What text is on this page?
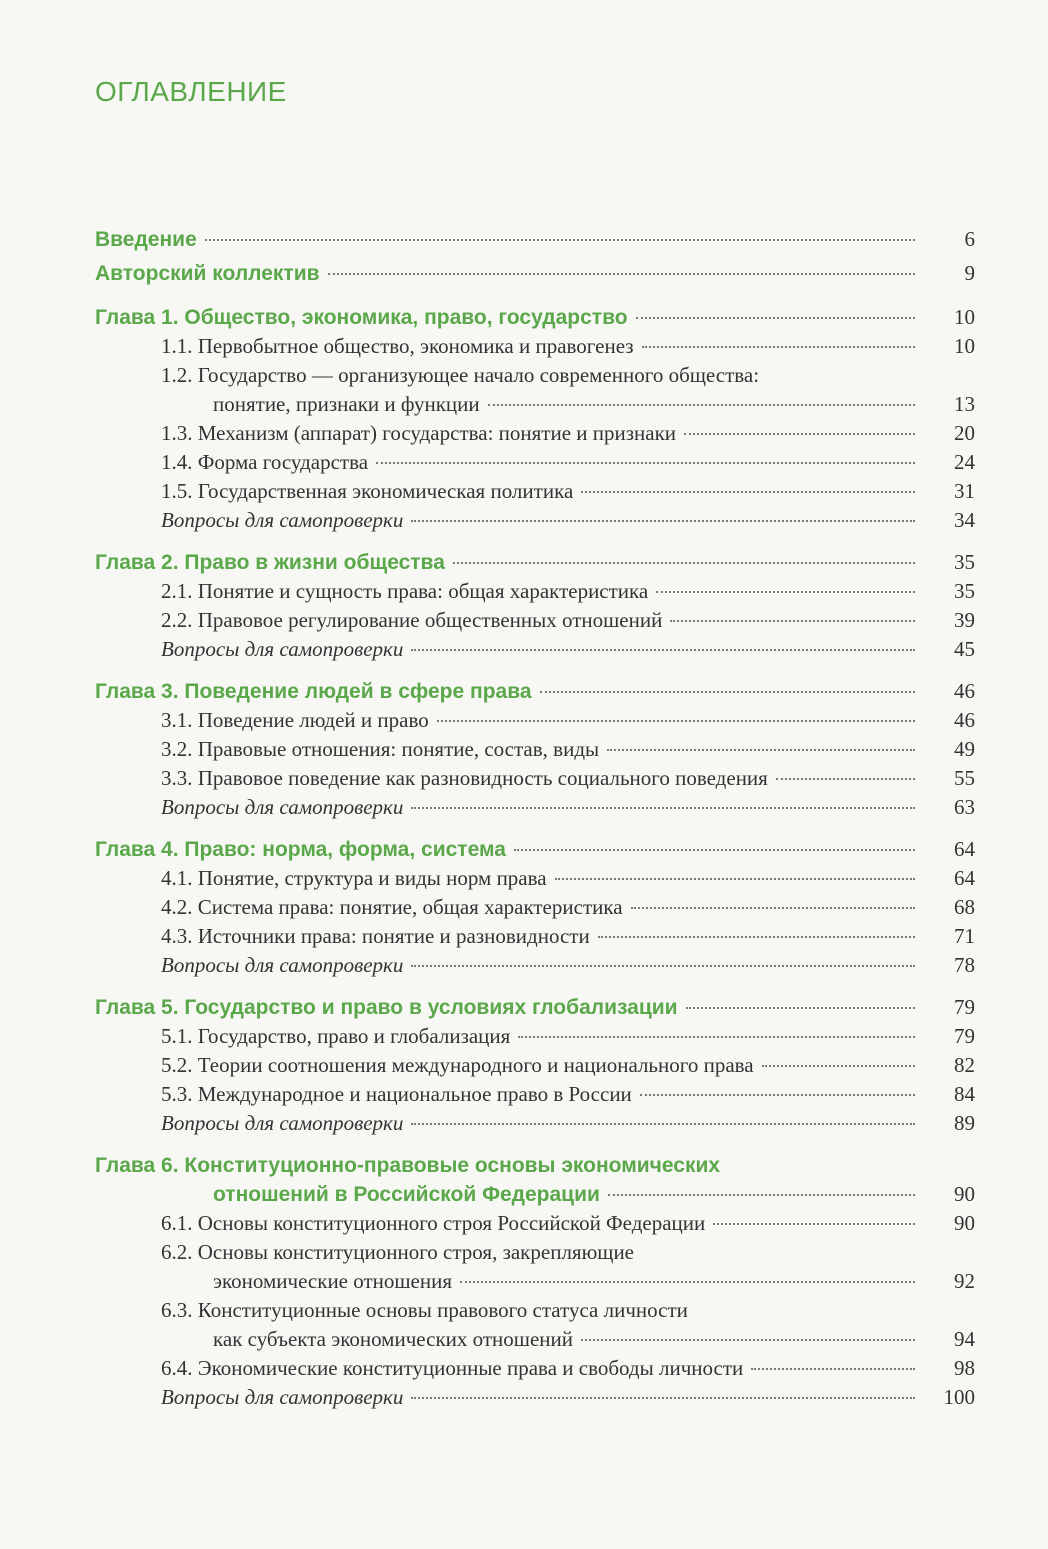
ОГЛАВЛЕНИЕ
Введение	6
Авторский коллектив	9
Глава 1. Общество, экономика, право, государство	10
1.1. Первобытное общество, экономика и правогенез	10
1.2. Государство — организующее начало современного общества:
понятие, признаки и функции	13
1.3. Механизм (аппарат) государства: понятие и признаки	20
1.4. Форма государства	24
1.5. Государственная экономическая политика	31
Вопросы для самопроверки	34
Глава 2. Право в жизни общества	35
2.1. Понятие и сущность права: общая характеристика	35
2.2. Правовое регулирование общественных отношений	39
Вопросы для самопроверки	45
Глава 3. Поведение людей в сфере права	46
3.1. Поведение людей и право	46
3.2. Правовые отношения: понятие, состав, виды	49
3.3. Правовое поведение как разновидность социального поведения	55
Вопросы для самопроверки	63
Глава 4. Право: норма, форма, система	64
4.1. Понятие, структура и виды норм права	64
4.2. Система права: понятие, общая характеристика	68
4.3. Источники права: понятие и разновидности	71
Вопросы для самопроверки	78
Глава 5. Государство и право в условиях глобализации	79
5.1. Государство, право и глобализация	79
5.2. Теории соотношения международного и национального права	82
5.3. Международное и национальное право в России	84
Вопросы для самопроверки	89
Глава 6. Конституционно-правовые основы экономических
отношений в Российской Федерации	90
6.1. Основы конституционного строя Российской Федерации	90
6.2. Основы конституционного строя, закрепляющие
экономические отношения	92
6.3. Конституционные основы правового статуса личности
как субъекта экономических отношений	94
6.4. Экономические конституционные права и свободы личности	98
Вопросы для самопроверки	100
